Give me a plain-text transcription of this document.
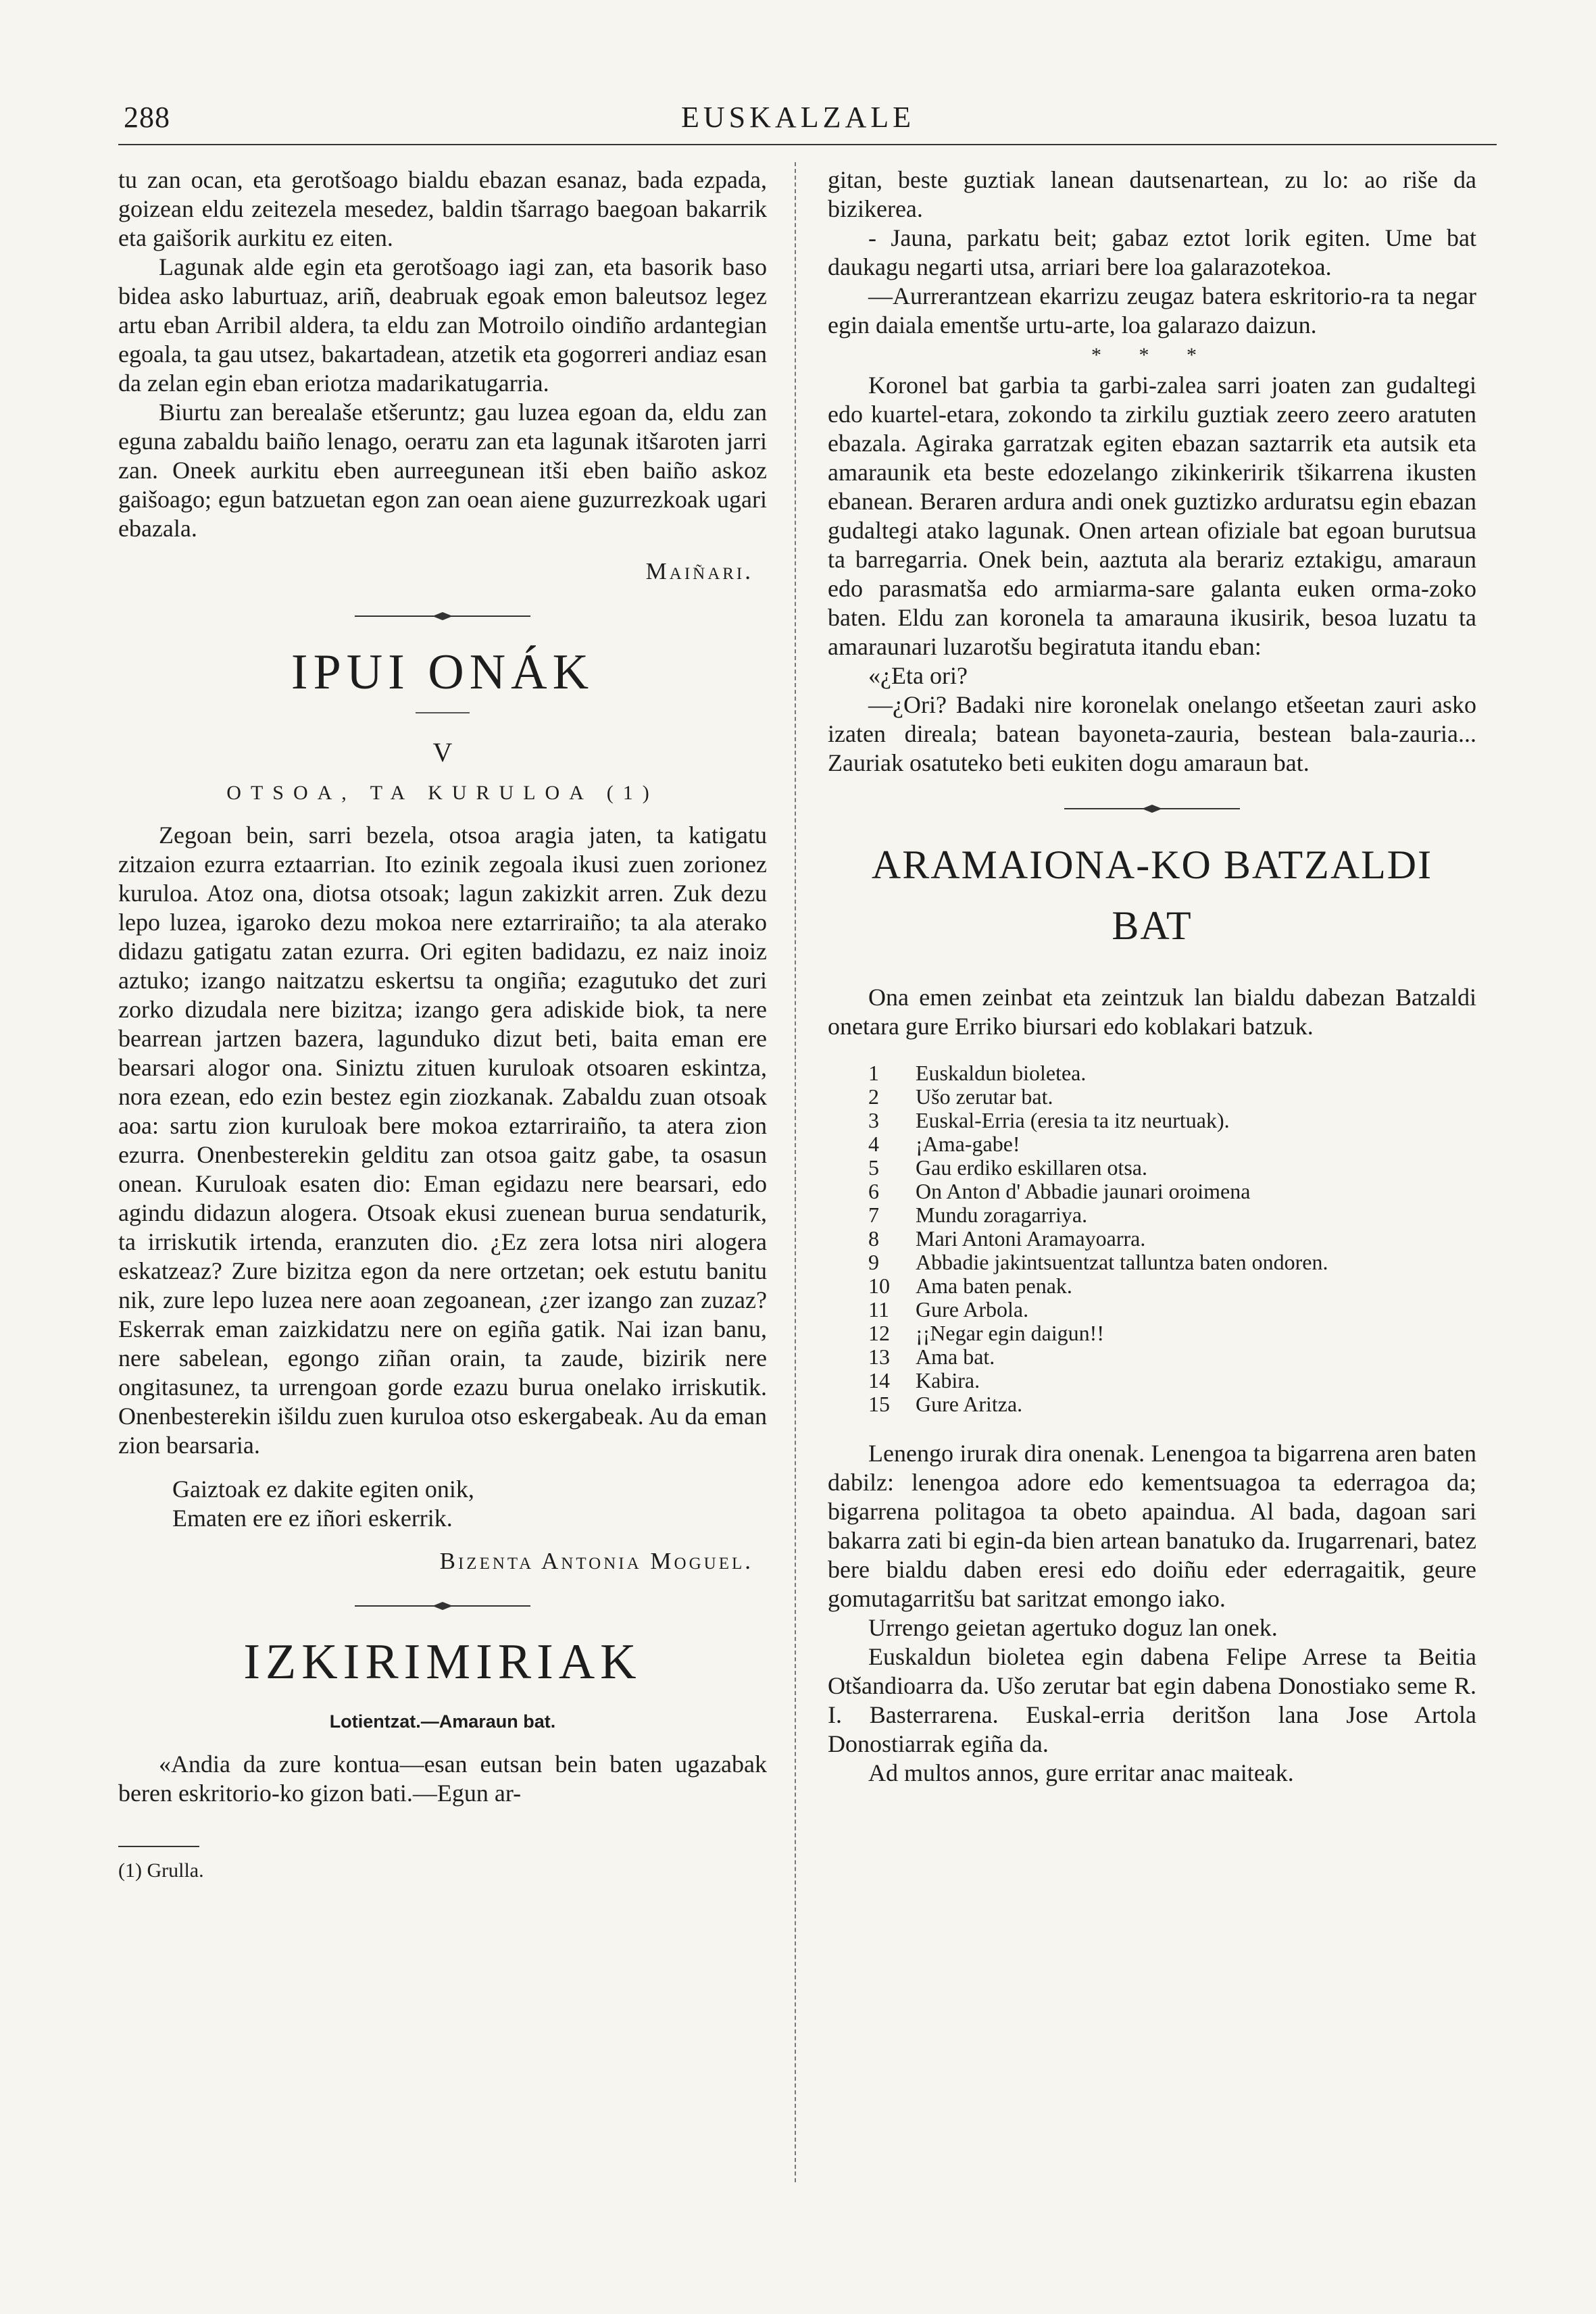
288	EUSKALZALE

tu zan ocan, eta gerotšoago bialdu ebazan esanaz, bada ezpada, goizean eldu zeitezela mesedez, baldin tšarrago baegoan bakarrik eta gaišorik aurkitu ez eiten.

Lagunak alde egin eta gerotšoago iagi zan, eta basorik baso bidea asko laburtuaz, ariñ, deabruak egoak emon baleutsoz legez artu eban Arribil aldera, ta eldu zan Motroilo oindiño ardantegian egoala, ta gau utsez, bakartadean, atzetik eta gogorreri andiaz esan da zelan egin eban eriotza madarikatugarria.

Biurtu zan berealaše etšeruntz; gau luzea egoan da, eldu zan eguna zabaldu baiño lenago, oerатu zan eta lagunak itšaroten jarri zan. Oneek aurkitu eben aurreegunean itši eben baiño askoz gaišoago; egun batzuetan egon zan oean aiene guzurrezkoak ugari ebazala.

Maiñari.
IPUI ONÁK
V
OTSOA, TA KURULOA (1)

Zegoan bein, sarri bezela, otsoa aragia jaten, ta katigatu zitzaion ezurra eztaarrian. Ito ezinik zegoala ikusi zuen zorionez kuruloa. Atoz ona, diotsa otsoak; lagun zakizkit arren. Zuk dezu lepo luzea, igaroko dezu mokoa nere eztarriraiño; ta ala aterako didazu gatigatu zatan ezurra. Ori egiten badidazu, ez naiz inoiz aztuko; izango naitzatzu eskertsu ta ongiña; ezagutuko det zuri zorko dizudala nere bizitza; izango gera adiskide biok, ta nere bearrean jartzen bazera, lagunduko dizut beti, baita eman ere bearsari alogor ona. Siniztu zituen kuruloak otsoaren eskintza, nora ezean, edo ezin bestez egin ziozkanak. Zabaldu zuan otsoak aoa: sartu zion kuruloak bere mokoa eztarriraiño, ta atera zion ezurra. Onenbesterekin gelditu zan otsoa gaitz gabe, ta osasun onean. Kuruloak esaten dio: Eman egidazu nere bearsari, edo agindu didazun alogera. Otsoak ekusi zuenean burua sendaturik, ta irriskutik irtenda, eranzuten dio. ¿Ez zera lotsa niri alogera eskatzeaz? Zure bizitza egon da nere ortzetan; oek estutu banitu nik, zure lepo luzea nere aoan zegoanean, ¿zer izango zan zuzaz? Eskerrak eman zaizkidatzu nere on egiña gatik. Nai izan banu, nere sabelean, egongo ziñan orain, ta zaude, bizirik nere ongitasunez, ta urrengoan gorde ezazu burua onelako irriskutik. Onenbesterekin išildu zuen kuruloa otso eskergabeak. Au da eman zion bearsaria.

Gaiztoak ez dakite egiten onik,

Ematen ere ez iñori eskerrik.

Bizenta Antonia Moguel.
IZKIRIMIRIAK
Lotientzat.—Amaraun bat.

«Andia da zure kontua—esan eutsan bein baten ugazabak beren eskritorio-ko gizon bati.—Egun ar-

(1) Grulla.

gitan, beste guztiak lanean dautsenartean, zu lo: ao riše da bizikerea.

- Jauna, parkatu beit; gabaz eztot lorik egiten. Ume bat daukagu negarti utsa, arriari bere loa galarazotekoa.

—Aurrerantzean ekarrizu zeugaz batera eskritorio-ra ta negar egin daiala ementše urtu-arte, loa galarazo daizun.

* * *

Koronel bat garbia ta garbi-zalea sarri joaten zan gudaltegi edo kuartel-etara, zokondo ta zirkilu guztiak zeero zeero aratuten ebazala. Agiraka garratzak egiten ebazan saztarrik eta autsik eta amaraunik eta beste edozelango zikinkeririk tšikarrena ikusten ebanean. Beraren ardura andi onek guztizko arduratsu egin ebazan gudaltegi atako lagunak. Onen artean ofiziale bat egoan burutsua ta barregarria. Onek bein, aaztuta ala berariz eztakigu, amaraun edo parasmatša edo armiarma-sare galanta euken orma-zoko baten. Eldu zan koronela ta amarauna ikusirik, besoa luzatu ta amaraunari luzarotšu begiratuta itandu eban:

«¿Eta ori?

—¿Ori? Badaki nire koronelak onelango etšeetan zauri asko izaten direala; batean bayoneta-zauria, bestean bala-zauria... Zauriak osatuteko beti eukiten dogu amaraun bat.

ARAMAIONA-KO BATZALDI BAT

Ona emen zeinbat eta zeintzuk lan bialdu dabezan Batzaldi onetara gure Erriko biursari edo koblakari batzuk.

1	Euskaldun bioletea.
2	Ušo zerutar bat.
3	Euskal-Erria (eresia ta itz neurtuak).
4	¡Ama-gabe!
5	Gau erdiko eskillaren otsa.
6	On Anton d' Abbadie jaunari oroimena
7	Mundu zoragarriya.
8	Mari Antoni Aramayoarra.
9	Abbadie jakintsuentzat talluntza baten ondoren.
10	Ama baten penak.
11	Gure Arbola.
12	¡¡Negar egin daigun!!
13	Ama bat.
14	Kabira.
15	Gure Aritza.

Lenengo irurak dira onenak. Lenengoa ta bigarrena aren baten dabilz: lenengoa adore edo kementsuagoa ta ederragoa da; bigarrena politagoa ta obeto apaindua. Al bada, dagoan sari bakarra zati bi egin-da bien artean banatuko da. Irugarrenari, batez bere bialdu daben eresi edo doiñu eder ederragaitik, geure gomutagarritšu bat saritzat emongo iako.

Urrengo geietan agertuko doguz lan onek.

Euskaldun bioletea egin dabena Felipe Arrese ta Beitia Otšandioarra da. Ušo zerutar bat egin dabena Donostiako seme R. I. Basterrarena. Euskal-erria deritšon lana Jose Artola Donostiarrak egiña da.

Ad multos annos, gure erritar anac maiteak.
